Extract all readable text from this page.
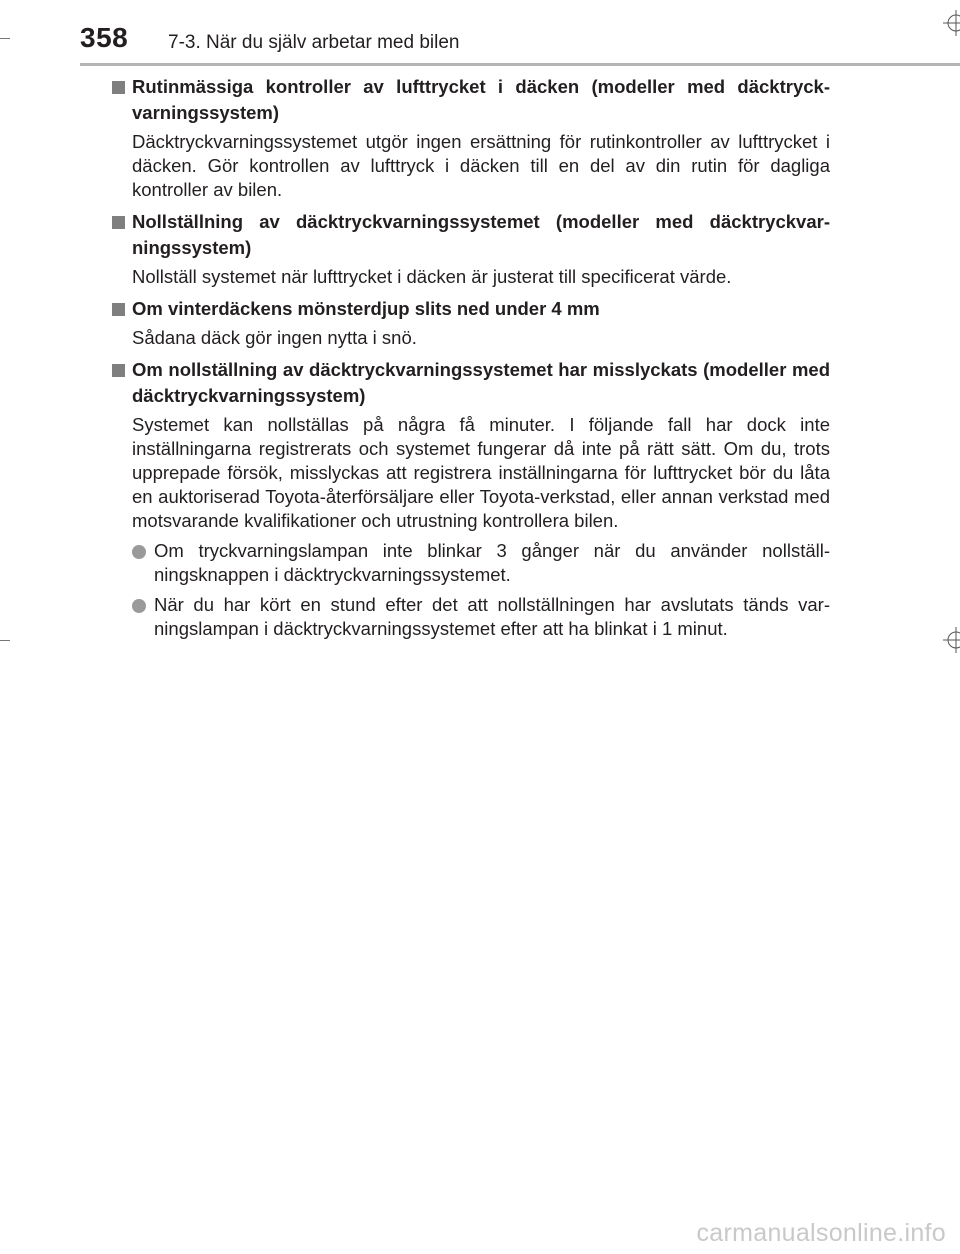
358 7-3. När du själv arbetar med bilen
Rutinmässiga kontroller av lufttrycket i däcken (modeller med däcktryck-varningssystem)
Däcktryckvarningssystemet utgör ingen ersättning för rutinkontroller av lufttrycket i däcken. Gör kontrollen av lufttryck i däcken till en del av din rutin för dagliga kontroller av bilen.
Nollställning av däcktryckvarningssystemet (modeller med däcktryckvar-ningssystem)
Nollställ systemet när lufttrycket i däcken är justerat till specificerat värde.
Om vinterdäckens mönsterdjup slits ned under 4 mm
Sådana däck gör ingen nytta i snö.
Om nollställning av däcktryckvarningssystemet har misslyckats (modeller med däcktryckvarningssystem)
Systemet kan nollställas på några få minuter. I följande fall har dock inte inställningarna registrerats och systemet fungerar då inte på rätt sätt. Om du, trots upprepade försök, misslyckas att registrera inställningarna för lufttrycket bör du låta en auktoriserad Toyota-återförsäljare eller Toyota-verkstad, eller annan verkstad med motsvarande kvalifikationer och utrustning kontrollera bilen.
Om tryckvarningslampan inte blinkar 3 gånger när du använder nollställ-ningsknappen i däcktryckvarningssystemet.
När du har kört en stund efter det att nollställningen har avslutats tänds var-ningslampan i däcktryckvarningssystemet efter att ha blinkat i 1 minut.
carmanualsonline.info
